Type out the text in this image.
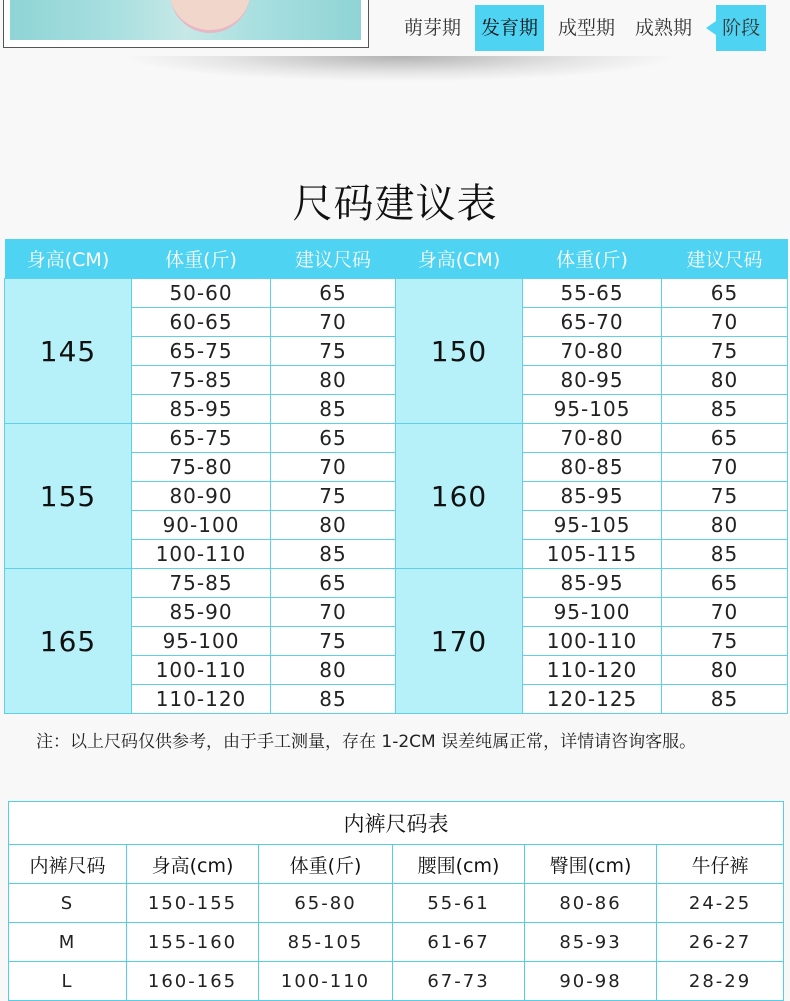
萌芽期	发育期	成型期	成熟期	阶段
尺码建议表
身高(CM)	体重(斤)	建议尺码	身高(CM)	体重(斤)	建议尺码
145	50-60	65	150	55-65	65
	60-65	70		65-70	70
	65-75	75		70-80	75
	75-85	80		80-95	80
	85-95	85		95-105	85
155	65-75	65	160	70-80	65
	75-80	70		80-85	70
	80-90	75		85-95	75
	90-100	80		95-105	80
	100-110	85		105-115	85
165	75-85	65	170	85-95	65
	85-90	70		95-100	70
	95-100	75		100-110	75
	100-110	80		110-120	80
	110-120	85		120-125	85
注：以上尺码仅供参考，由于手工测量，存在 1-2CM 误差纯属正常，详情请咨询客服。
内裤尺码表					
内裤尺码	身高(cm)	体重(斤)	腰围(cm)	臀围(cm)	牛仔裤
S	150-155	65-80	55-61	80-86	24-25
M	155-160	85-105	61-67	85-93	26-27
L	160-165	100-110	67-73	90-98	28-29
